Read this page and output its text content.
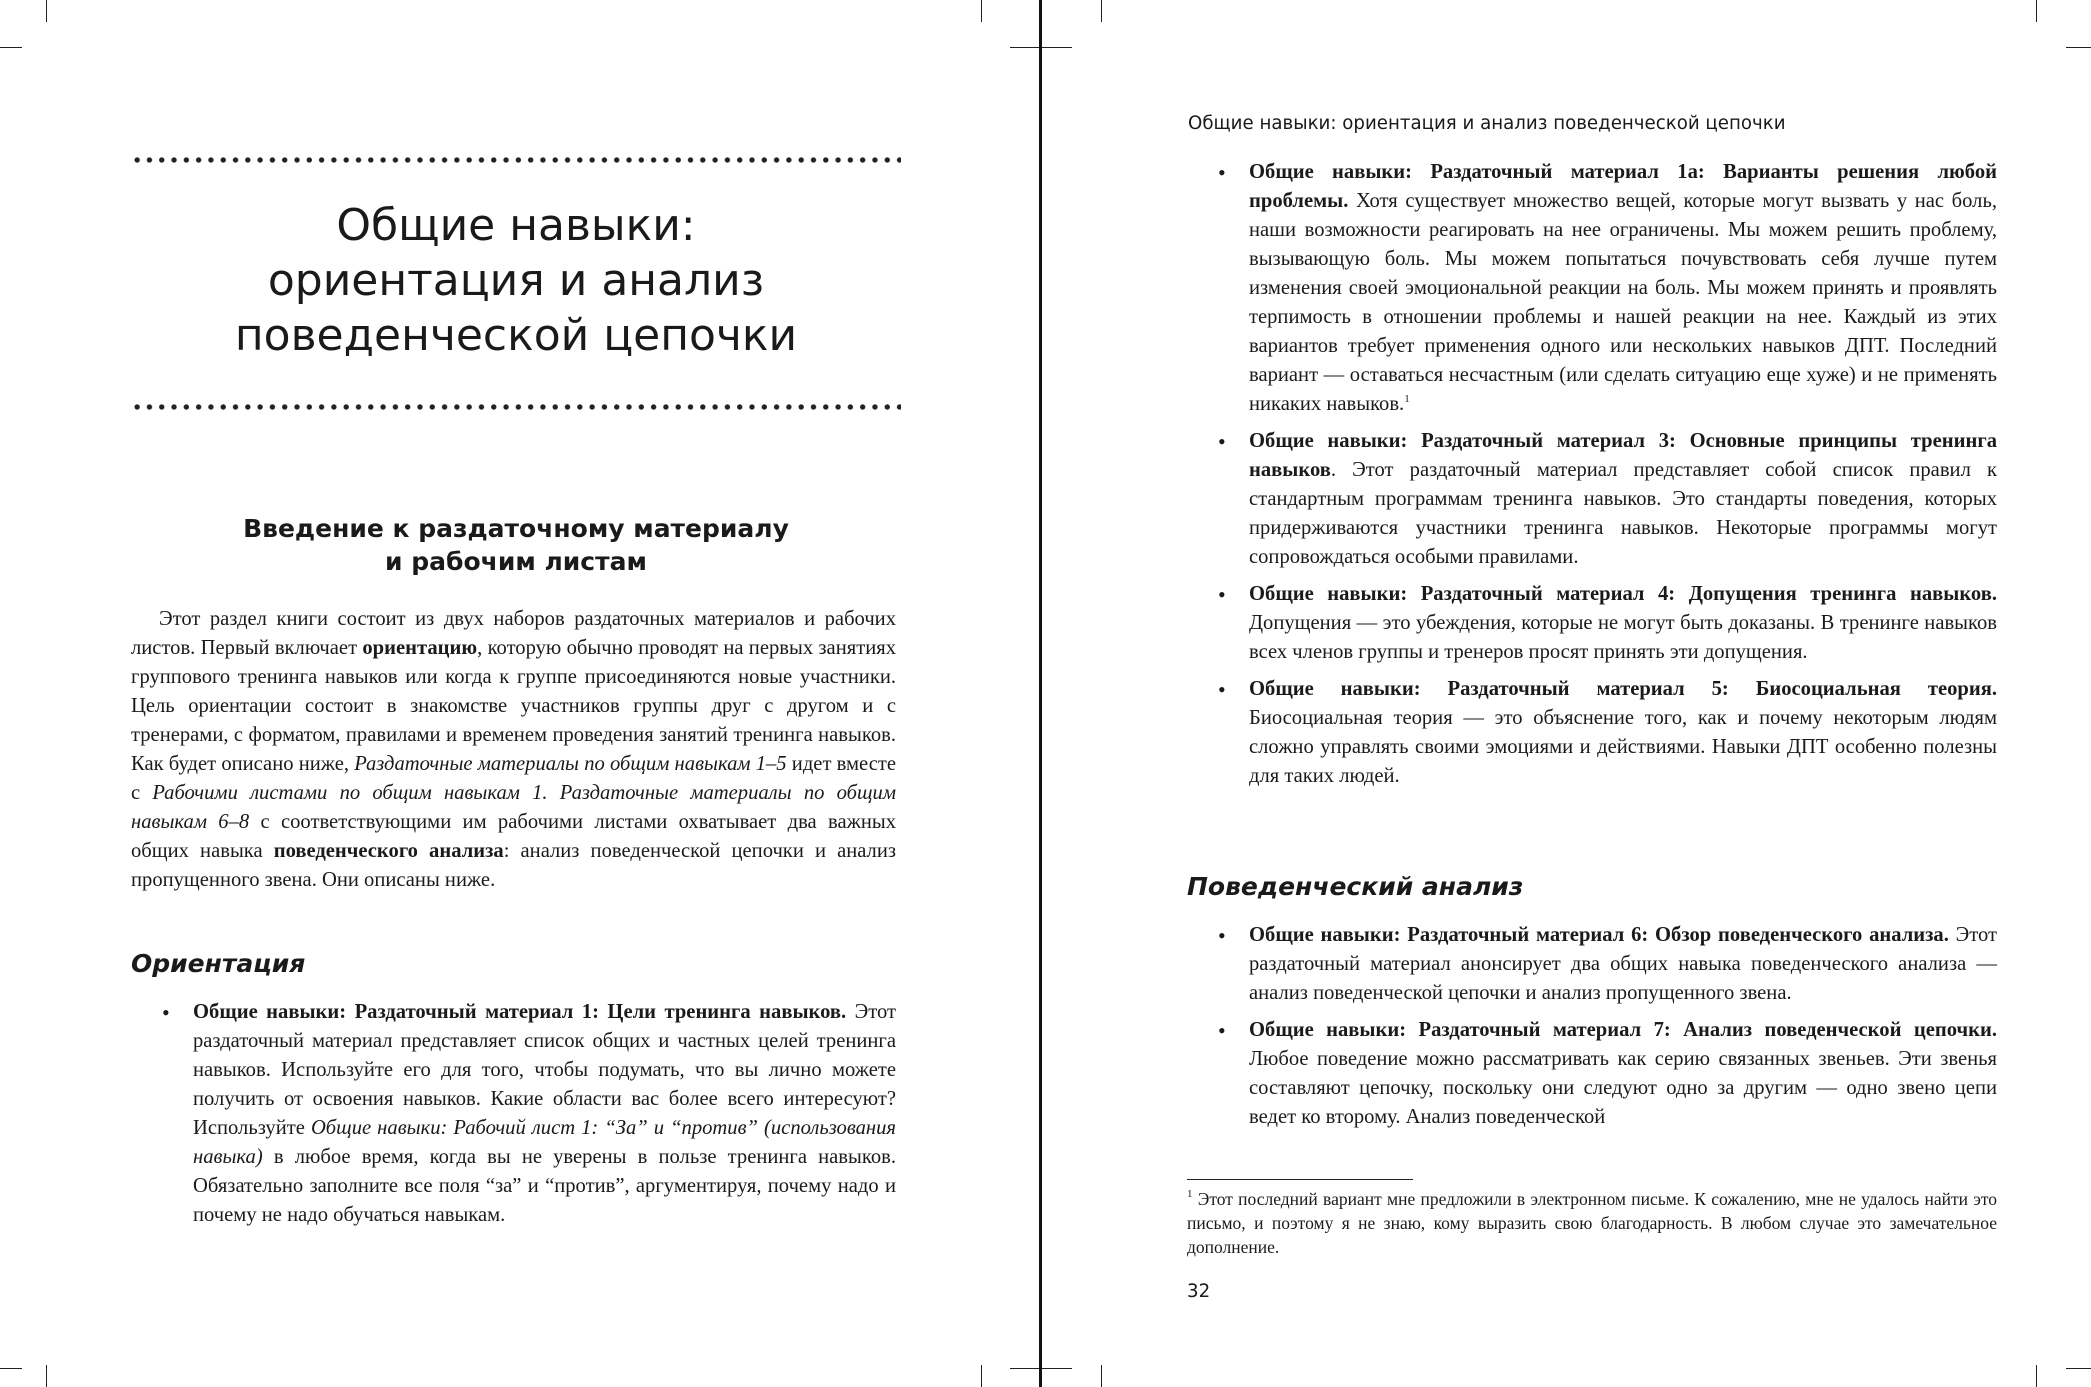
Общие навыки:
ориентация и анализ
поведенческой цепочки
Введение к раздаточному материалу
и рабочим листам

Этот раздел книги состоит из двух наборов раздаточных материалов и рабочих листов. Первый включает ориентацию, которую обычно проводят на первых занятиях группового тренинга навыков или когда к группе присоединяются новые участники. Цель ориентации состоит в знакомстве участников группы друг с другом и с тренерами, с форматом, правилами и временем проведения занятий тренинга навыков. Как будет описано ниже, Раздаточные материалы по общим навыкам 1–5 идет вместе с Рабочими листами по общим навыкам 1. Раздаточные материалы по общим навыкам 6–8 с соответствующими им рабочими листами охватывает два важных общих навыка поведенческого анализа: анализ поведенческой цепочки и анализ пропущенного звена. Они описаны ниже.

Ориентация
• Общие навыки: Раздаточный материал 1: Цели тренинга навыков. Этот раздаточный материал представляет список общих и частных целей тренинга навыков. Используйте его для того, чтобы подумать, что вы лично можете получить от освоения навыков. Какие области вас более всего интересуют? Используйте Общие навыки: Рабочий лист 1: “За” и “против” (использования навыка) в любое время, когда вы не уверены в пользе тренинга навыков. Обязательно заполните все поля “за” и “против”, аргументируя, почему надо и почему не надо обучаться навыкам.

Общие навыки: ориентация и анализ поведенческой цепочки

• Общие навыки: Раздаточный материал 1а: Варианты решения любой проблемы. Хотя существует множество вещей, которые могут вызвать у нас боль, наши возможности реагировать на нее ограничены. Мы можем решить проблему, вызывающую боль. Мы можем попытаться почувствовать себя лучше путем изменения своей эмоциональной реакции на боль. Мы можем принять и проявлять терпимость в отношении проблемы и нашей реакции на нее. Каждый из этих вариантов требует применения одного или нескольких навыков ДПТ. Последний вариант — оставаться несчастным (или сделать ситуацию еще хуже) и не применять никаких навыков.$^1$
• Общие навыки: Раздаточный материал 3: Основные принципы тренинга навыков. Этот раздаточный материал представляет собой список правил к стандартным программам тренинга навыков. Это стандарты поведения, которых придерживаются участники тренинга навыков. Некоторые программы могут сопровождаться особыми правилами.
• Общие навыки: Раздаточный материал 4: Допущения тренинга навыков. Допущения — это убеждения, которые не могут быть доказаны. В тренинге навыков всех членов группы и тренеров просят принять эти допущения.
• Общие навыки: Раздаточный материал 5: Биосоциальная теория. Биосоциальная теория — это объяснение того, как и почему некоторым людям сложно управлять своими эмоциями и действиями. Навыки ДПТ особенно полезны для таких людей.
Поведенческий анализ
• Общие навыки: Раздаточный материал 6: Обзор поведенческого анализа. Этот раздаточный материал анонсирует два общих навыка поведенческого анализа — анализ поведенческой цепочки и анализ пропущенного звена.
• Общие навыки: Раздаточный материал 7: Анализ поведенческой цепочки. Любое поведение можно рассматривать как серию связанных звеньев. Эти звенья составляют цепочку, поскольку они следуют одно за другим — одно звено цепи ведет ко второму. Анализ поведенческой

$^1$ Этот последний вариант мне предложили в электронном письме. К сожалению, мне не удалось найти это письмо, и поэтому я не знаю, кому выразить свою благодарность. В любом случае это замечательное дополнение.

32
